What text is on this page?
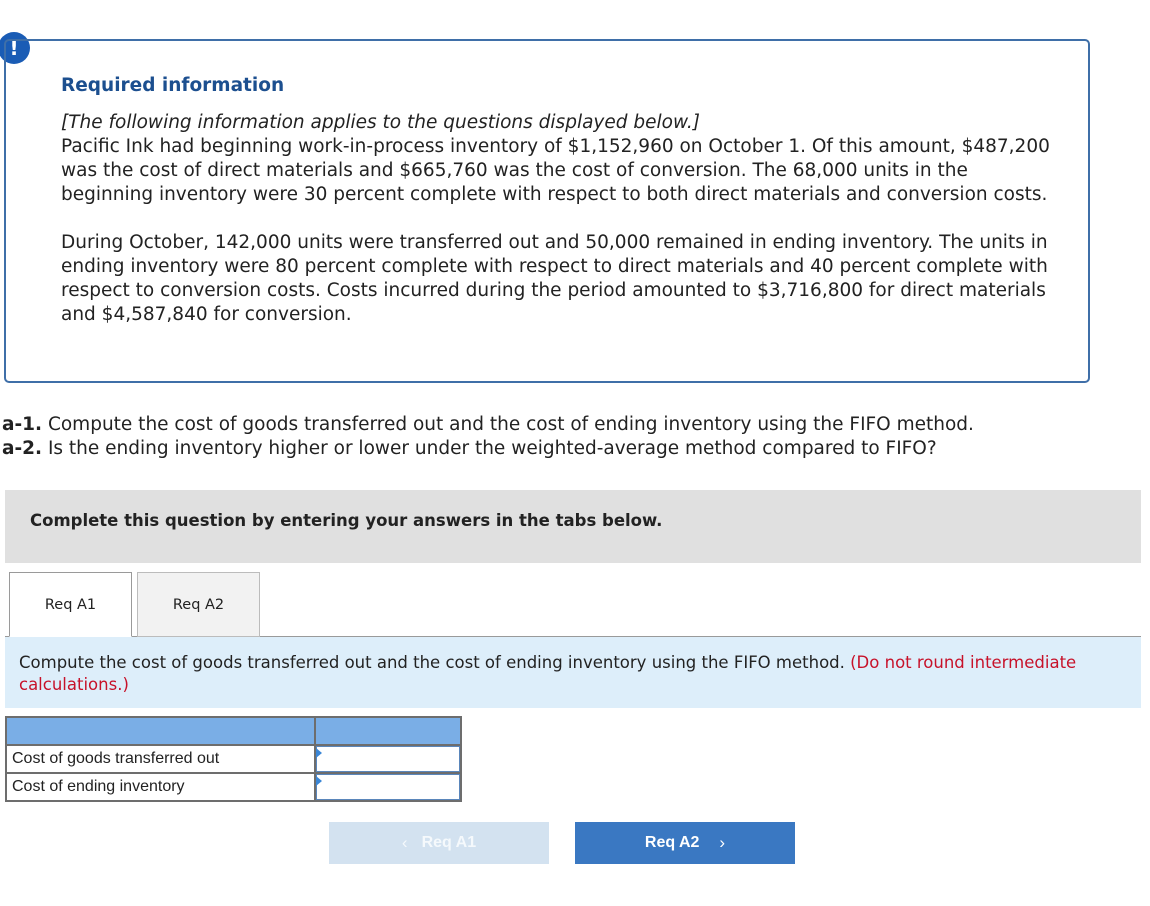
!
Required information

[The following information applies to the questions displayed below.]

Pacific Ink had beginning work-in-process inventory of $1,152,960 on October 1. Of this amount, $487,200 was the cost of direct materials and $665,760 was the cost of conversion. The 68,000 units in the beginning inventory were 30 percent complete with respect to both direct materials and conversion costs.

During October, 142,000 units were transferred out and 50,000 remained in ending inventory. The units in ending inventory were 80 percent complete with respect to direct materials and 40 percent complete with respect to conversion costs. Costs incurred during the period amounted to $3,716,800 for direct materials and $4,587,840 for conversion.

a-1. Compute the cost of goods transferred out and the cost of ending inventory using the FIFO method.

a-2. Is the ending inventory higher or lower under the weighted-average method compared to FIFO?

Complete this question by entering your answers in the tabs below.
Req A1	Req A2
Compute the cost of goods transferred out and the cost of ending inventory using the FIFO method. (Do not round intermediate calculations.)

Cost of goods transferred out	

Cost of ending inventory	
‹ Req A1	Req A2 ›
